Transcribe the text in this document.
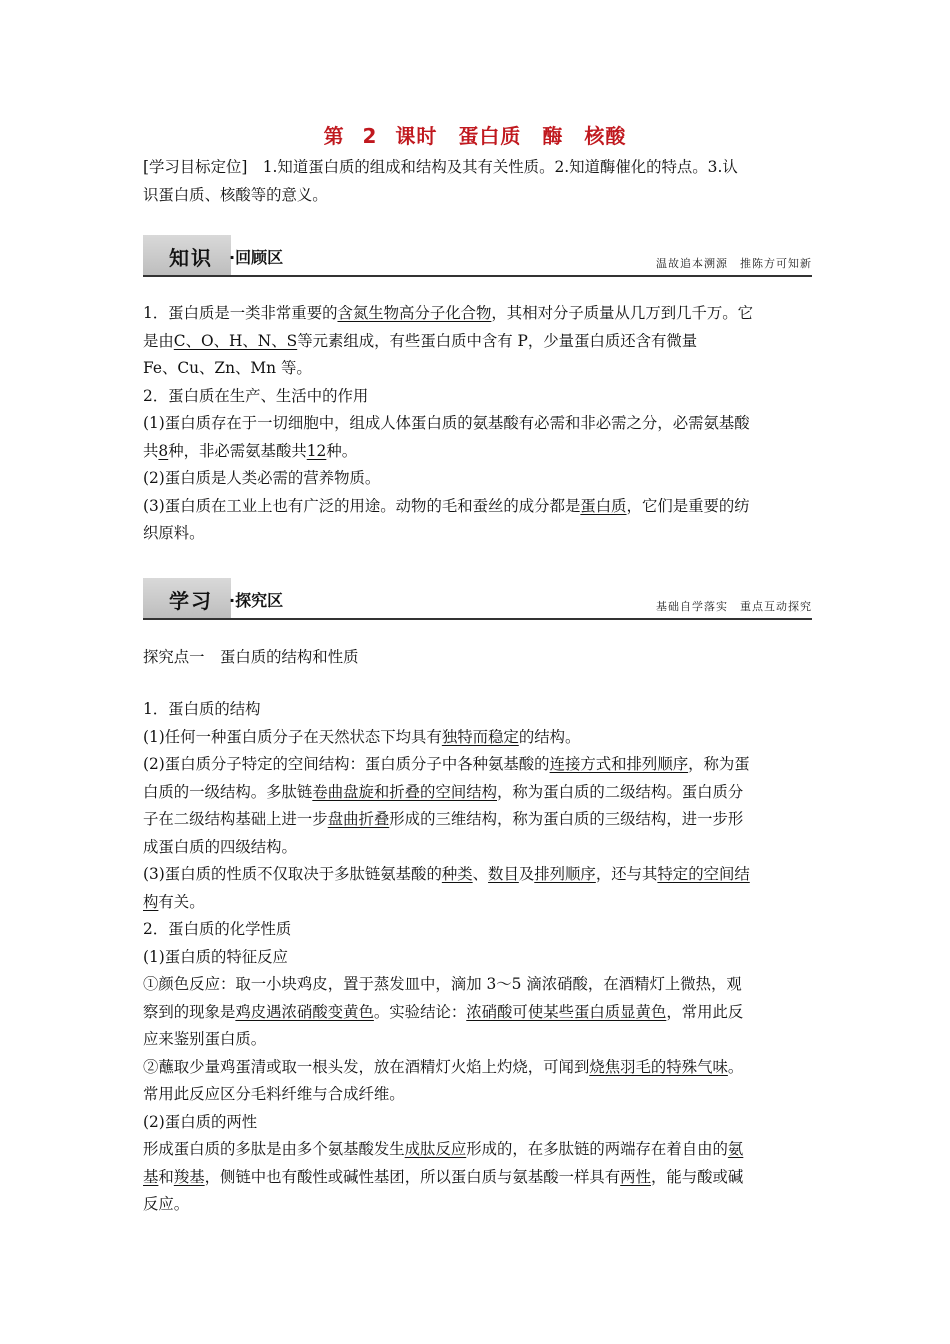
第 2 课时　蛋白质　酶　核酸
[学习目标定位]　1.知道蛋白质的组成和结构及其有关性质。2.知道酶催化的特点。3.认
识蛋白质、核酸等的意义。
知识 ·回顾区	温故追本溯源　推陈方可知新
1．蛋白质是一类非常重要的含氮生物高分子化合物，其相对分子质量从几万到几千万。它
是由C、O、H、N、S等元素组成，有些蛋白质中含有 P，少量蛋白质还含有微量
Fe、Cu、Zn、Mn 等。
2．蛋白质在生产、生活中的作用
(1)蛋白质存在于一切细胞中，组成人体蛋白质的氨基酸有必需和非必需之分，必需氨基酸
共8种，非必需氨基酸共12种。
(2)蛋白质是人类必需的营养物质。
(3)蛋白质在工业上也有广泛的用途。动物的毛和蚕丝的成分都是蛋白质，它们是重要的纺
织原料。
学习 ·探究区	基础自学落实　重点互动探究
探究点一　蛋白质的结构和性质
1．蛋白质的结构
(1)任何一种蛋白质分子在天然状态下均具有独特而稳定的结构。
(2)蛋白质分子特定的空间结构：蛋白质分子中各种氨基酸的连接方式和排列顺序，称为蛋
白质的一级结构。多肽链卷曲盘旋和折叠的空间结构，称为蛋白质的二级结构。蛋白质分
子在二级结构基础上进一步盘曲折叠形成的三维结构，称为蛋白质的三级结构，进一步形
成蛋白质的四级结构。
(3)蛋白质的性质不仅取决于多肽链氨基酸的种类、数目及排列顺序，还与其特定的空间结
构有关。
2．蛋白质的化学性质
(1)蛋白质的特征反应
①颜色反应：取一小块鸡皮，置于蒸发皿中，滴加 3～5 滴浓硝酸，在酒精灯上微热，观
察到的现象是鸡皮遇浓硝酸变黄色。实验结论：浓硝酸可使某些蛋白质显黄色，常用此反
应来鉴别蛋白质。
②蘸取少量鸡蛋清或取一根头发，放在酒精灯火焰上灼烧，可闻到烧焦羽毛的特殊气味。
常用此反应区分毛料纤维与合成纤维。
(2)蛋白质的两性
形成蛋白质的多肽是由多个氨基酸发生成肽反应形成的，在多肽链的两端存在着自由的氨
基和羧基，侧链中也有酸性或碱性基团，所以蛋白质与氨基酸一样具有两性，能与酸或碱
反应。
